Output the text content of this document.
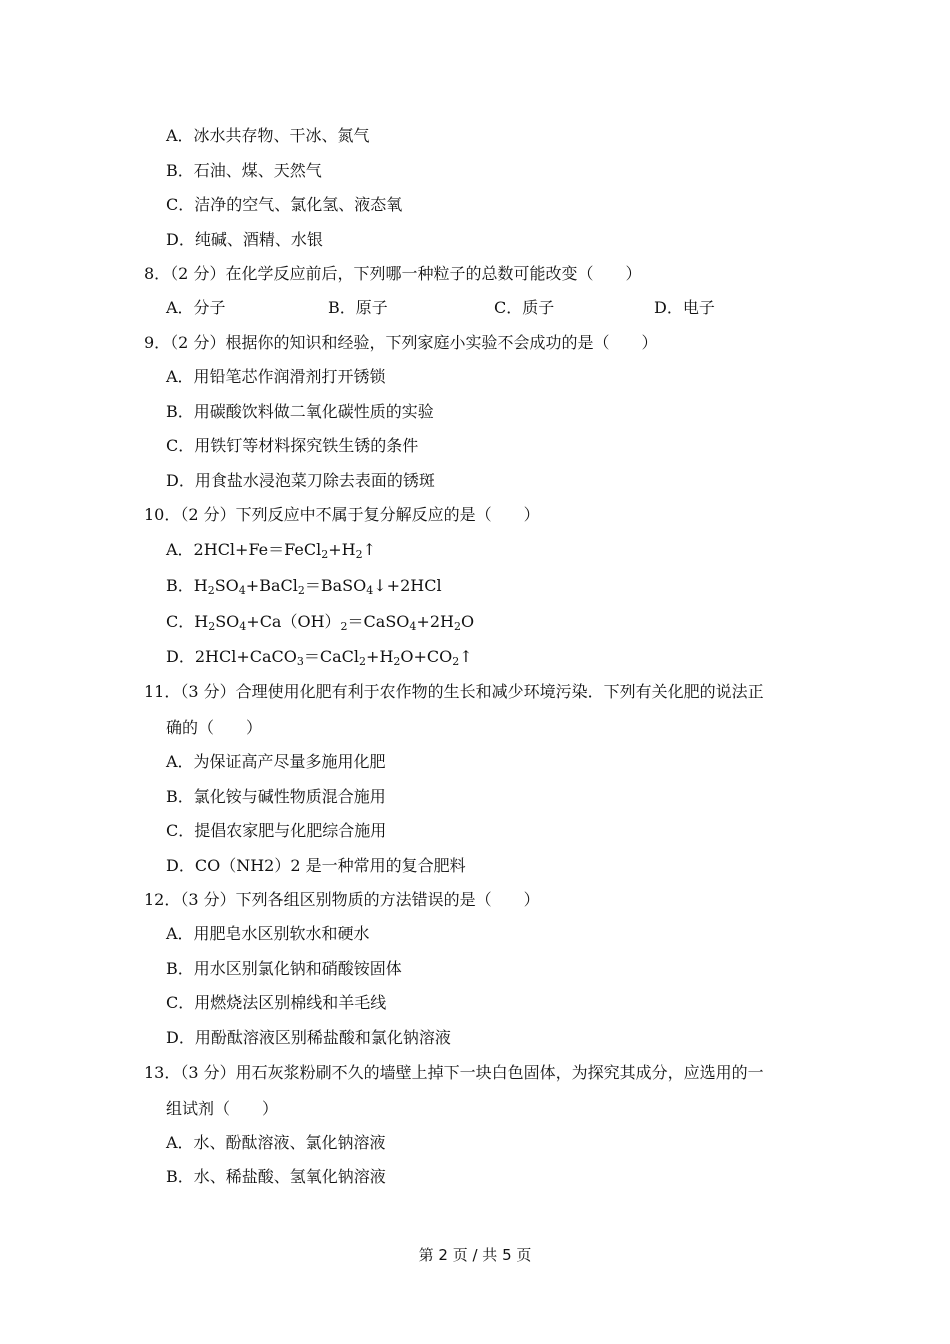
A．冰水共存物、干冰、氮气
B．石油、煤、天然气
C．洁净的空气、氯化氢、液态氧
D．纯碱、酒精、水银
8．（2 分）在化学反应前后，下列哪一种粒子的总数可能改变（　　）
A．分子	B．原子	C．质子	D．电子
9．（2 分）根据你的知识和经验，下列家庭小实验不会成功的是（　　）
A．用铅笔芯作润滑剂打开锈锁
B．用碳酸饮料做二氧化碳性质的实验
C．用铁钉等材料探究铁生锈的条件
D．用食盐水浸泡菜刀除去表面的锈斑
10．（2 分）下列反应中不属于复分解反应的是（　　）
A．$2HCl+Fe=FeCl_2+H_2↑$
B．$H_2SO_4+BaCl_2=BaSO_4↓+2HCl$
C．$H_2SO_4+Ca(OH)_2=CaSO_4+2H_2O$
D．$2HCl+CaCO_3=CaCl_2+H_2O+CO_2↑$
11．（3 分）合理使用化肥有利于农作物的生长和减少环境污染．下列有关化肥的说法正
确的（　　）
A．为保证高产尽量多施用化肥
B．氯化铵与碱性物质混合施用
C．提倡农家肥与化肥综合施用
D．CO（NH2）2 是一种常用的复合肥料
12．（3 分）下列各组区别物质的方法错误的是（　　）
A．用肥皂水区别软水和硬水
B．用水区别氯化钠和硝酸铵固体
C．用燃烧法区别棉线和羊毛线
D．用酚酞溶液区别稀盐酸和氯化钠溶液
13．（3 分）用石灰浆粉刷不久的墙壁上掉下一块白色固体，为探究其成分，应选用的一
组试剂（　　）
A．水、酚酞溶液、氯化钠溶液
B．水、稀盐酸、氢氧化钠溶液
第 2 页 / 共 5 页
